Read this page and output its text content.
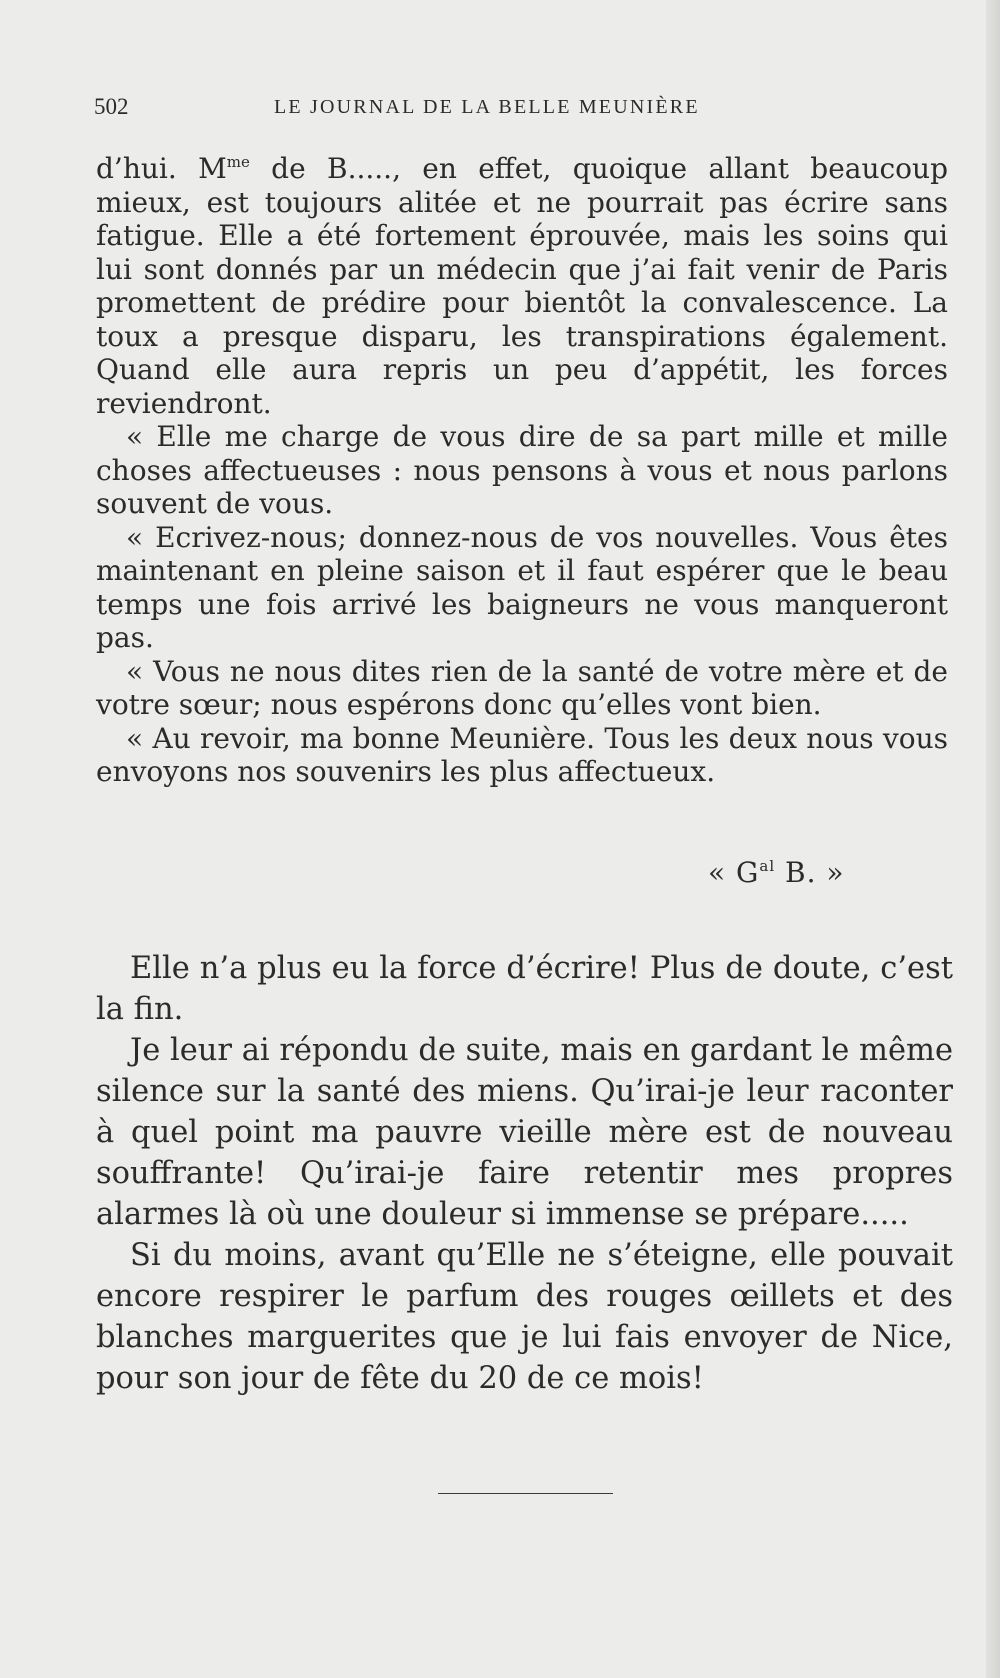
502	LE JOURNAL DE LA BELLE MEUNIÈRE

d’hui. $M^{me}$ de B....., en effet, quoique allant beaucoup mieux, est toujours alitée et ne pourrait pas écrire sans fatigue. Elle a été fortement éprouvée, mais les soins qui lui sont donnés par un médecin que j’ai fait venir de Paris promettent de prédire pour bientôt la convalescence. La toux a presque disparu, les transpirations également. Quand elle aura repris un peu d’appétit, les forces reviendront.

« Elle me charge de vous dire de sa part mille et mille choses affectueuses : nous pensons à vous et nous parlons souvent de vous.

« Ecrivez-nous; donnez-nous de vos nouvelles. Vous êtes maintenant en pleine saison et il faut espérer que le beau temps une fois arrivé les baigneurs ne vous manqueront pas.

« Vous ne nous dites rien de la santé de votre mère et de votre sœur; nous espérons donc qu’elles vont bien.

« Au revoir, ma bonne Meunière. Tous les deux nous vous envoyons nos souvenirs les plus affectueux.

« $G^{al}$ B. »

Elle n’a plus eu la force d’écrire! Plus de doute, c’est la fin.

Je leur ai répondu de suite, mais en gardant le même silence sur la santé des miens. Qu’irai-je leur raconter à quel point ma pauvre vieille mère est de nouveau souffrante! Qu’irai-je faire retentir mes propres alarmes là où une douleur si immense se prépare.....

Si du moins, avant qu’Elle ne s’éteigne, elle pouvait encore respirer le parfum des rouges œillets et des blanches marguerites que je lui fais envoyer de Nice, pour son jour de fête du 20 de ce mois!
